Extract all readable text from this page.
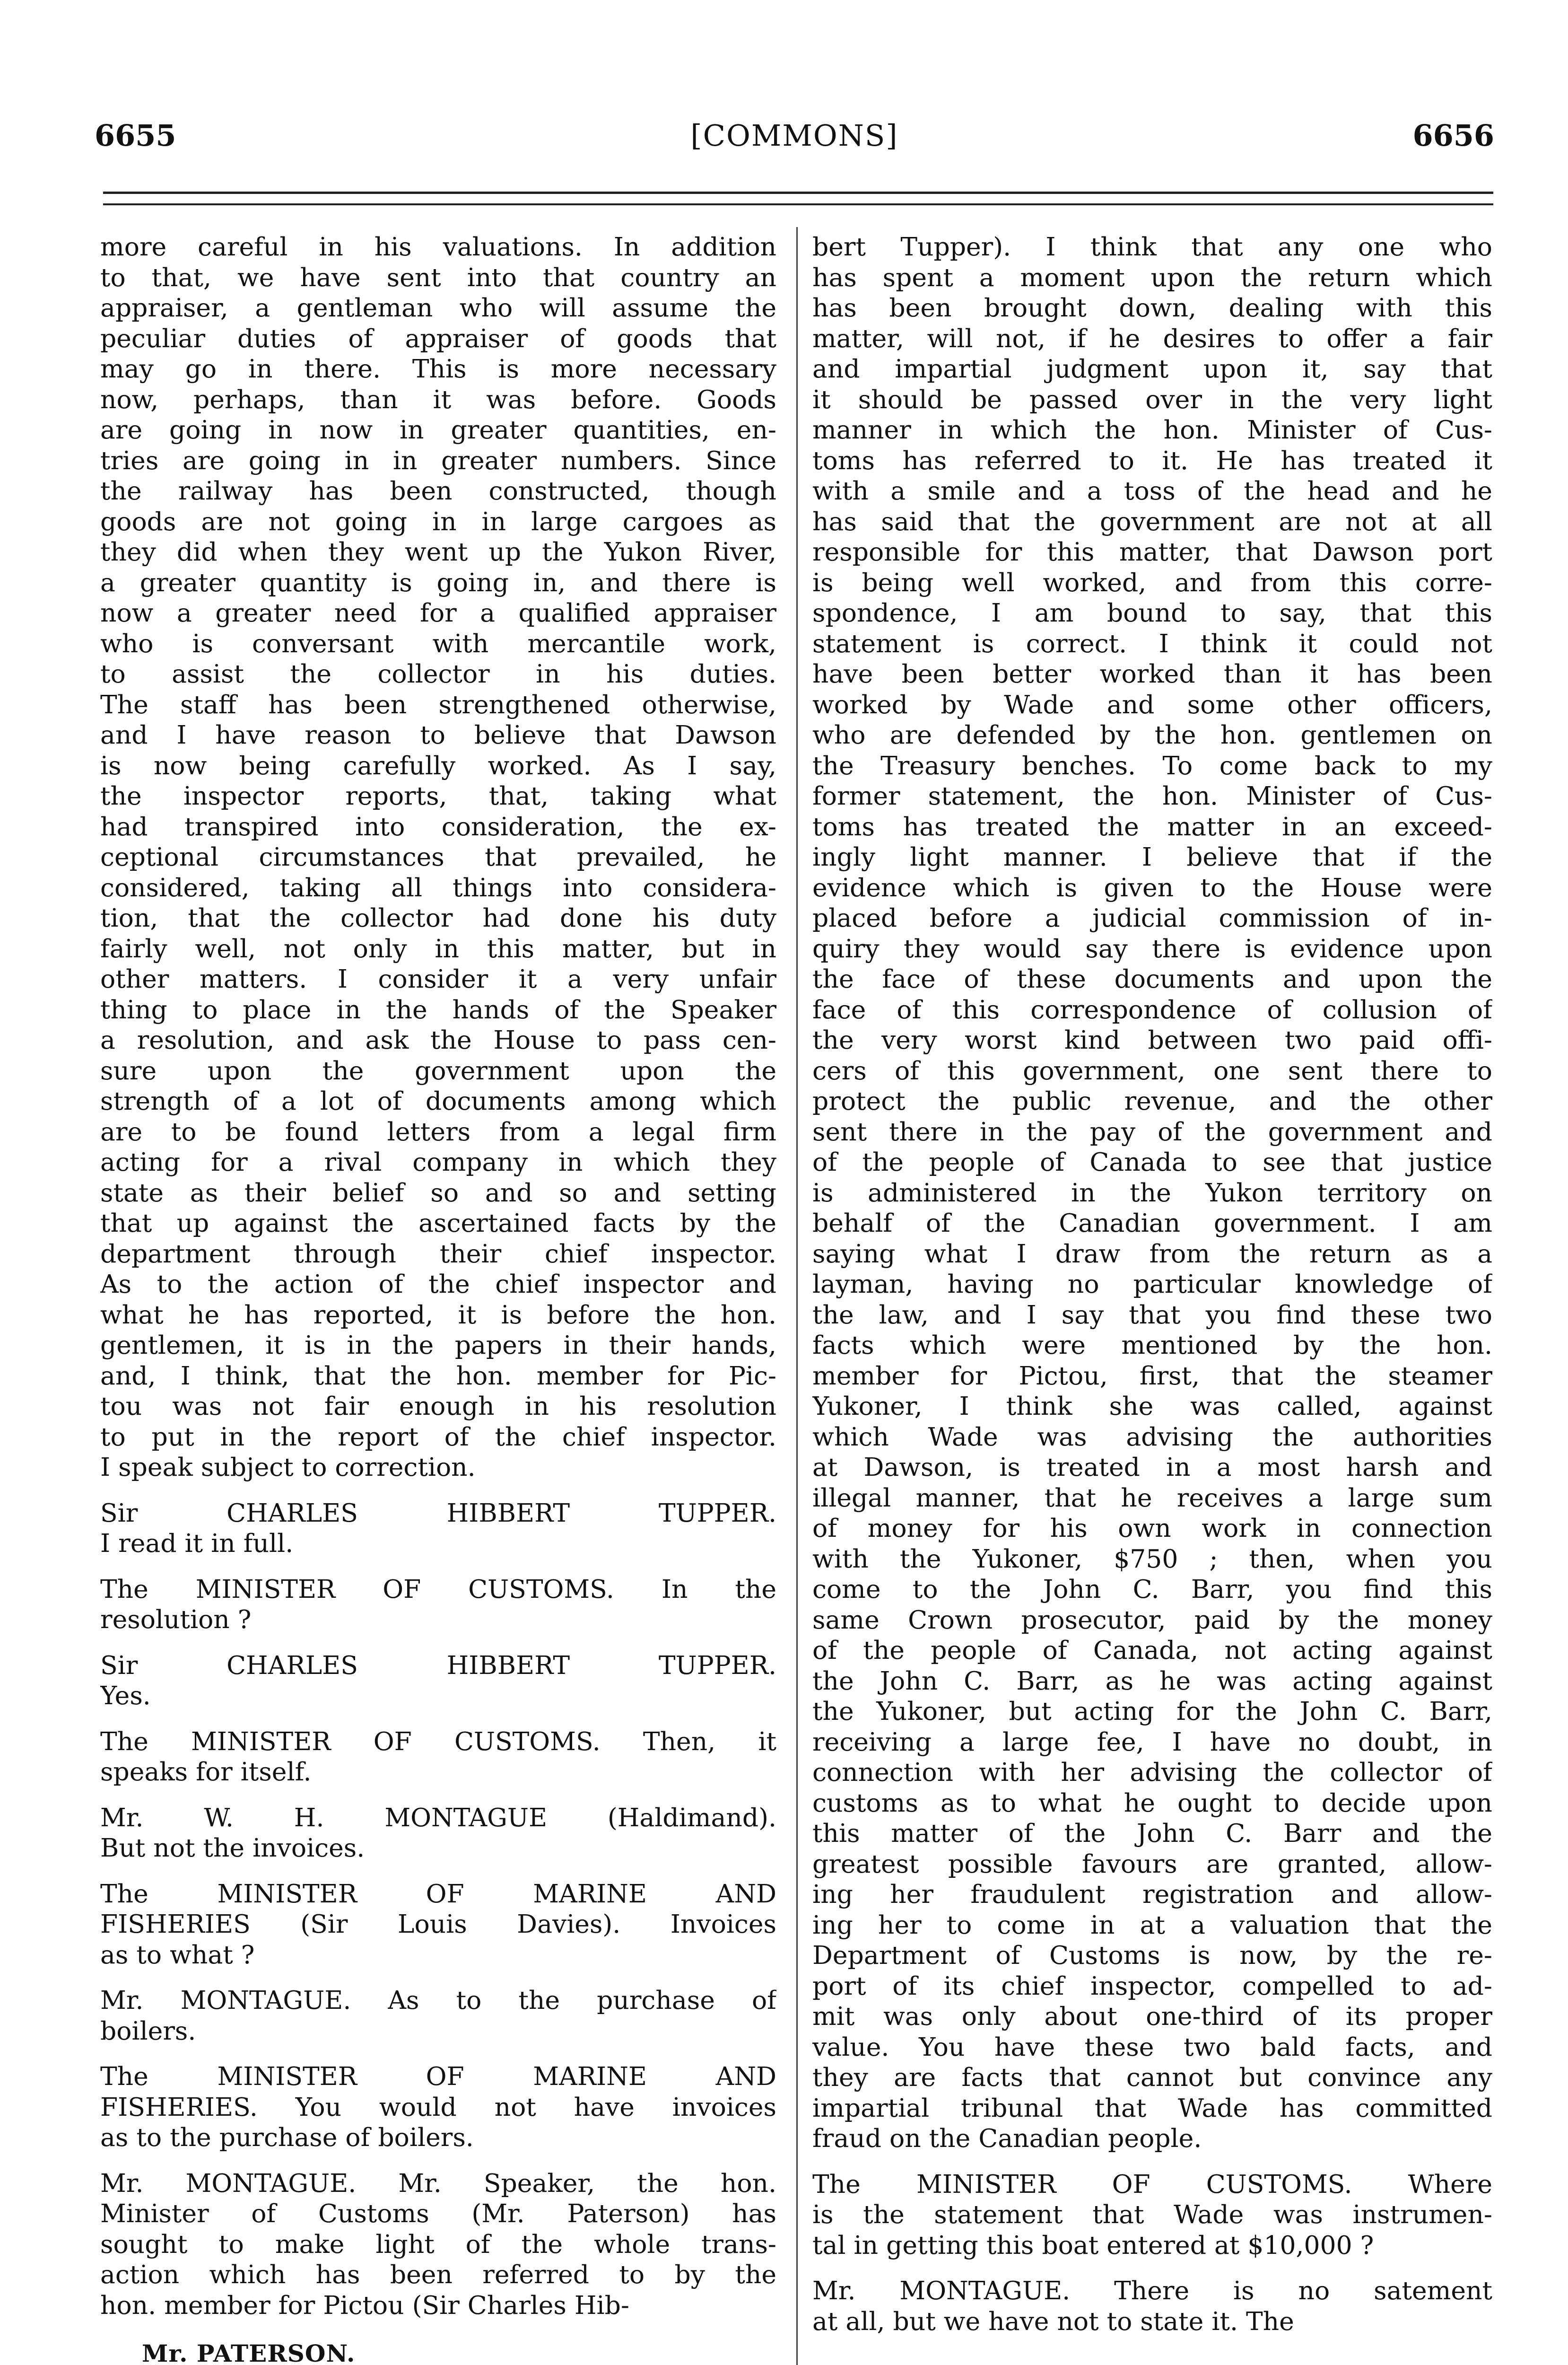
6655	[COMMONS]	6656
more careful in his valuations. In addition
to that, we have sent into that country an
appraiser, a gentleman who will assume the
peculiar duties of appraiser of goods that
may go in there. This is more necessary
now, perhaps, than it was before. Goods
are going in now in greater quantities, en-
tries are going in in greater numbers. Since
the railway has been constructed, though
goods are not going in in large cargoes as
they did when they went up the Yukon River,
a greater quantity is going in, and there is
now a greater need for a qualified appraiser
who is conversant with mercantile work,
to assist the collector in his duties.
The staff has been strengthened otherwise,
and I have reason to believe that Dawson
is now being carefully worked. As I say,
the inspector reports, that, taking what
had transpired into consideration, the ex-
ceptional circumstances that prevailed, he
considered, taking all things into considera-
tion, that the collector had done his duty
fairly well, not only in this matter, but in
other matters. I consider it a very unfair
thing to place in the hands of the Speaker
a resolution, and ask the House to pass cen-
sure upon the government upon the
strength of a lot of documents among which
are to be found letters from a legal firm
acting for a rival company in which they
state as their belief so and so and setting
that up against the ascertained facts by the
department through their chief inspector.
As to the action of the chief inspector and
what he has reported, it is before the hon.
gentlemen, it is in the papers in their hands,
and, I think, that the hon. member for Pic-
tou was not fair enough in his resolution
to put in the report of the chief inspector.
I speak subject to correction.
Sir CHARLES HIBBERT TUPPER.
I read it in full.
The MINISTER OF CUSTOMS. In the
resolution ?
Sir CHARLES HIBBERT TUPPER.
Yes.
The MINISTER OF CUSTOMS. Then, it
speaks for itself.
Mr. W. H. MONTAGUE (Haldimand).
But not the invoices.
The MINISTER OF MARINE AND
FISHERIES (Sir Louis Davies). Invoices
as to what ?
Mr. MONTAGUE. As to the purchase of
boilers.
The MINISTER OF MARINE AND
FISHERIES. You would not have invoices
as to the purchase of boilers.
Mr. MONTAGUE. Mr. Speaker, the hon.
Minister of Customs (Mr. Paterson) has
sought to make light of the whole trans-
action which has been referred to by the
hon. member for Pictou (Sir Charles Hib-
bert Tupper). I think that any one who
has spent a moment upon the return which
has been brought down, dealing with this
matter, will not, if he desires to offer a fair
and impartial judgment upon it, say that
it should be passed over in the very light
manner in which the hon. Minister of Cus-
toms has referred to it. He has treated it
with a smile and a toss of the head and he
has said that the government are not at all
responsible for this matter, that Dawson port
is being well worked, and from this corre-
spondence, I am bound to say, that this
statement is correct. I think it could not
have been better worked than it has been
worked by Wade and some other officers,
who are defended by the hon. gentlemen on
the Treasury benches. To come back to my
former statement, the hon. Minister of Cus-
toms has treated the matter in an exceed-
ingly light manner. I believe that if the
evidence which is given to the House were
placed before a judicial commission of in-
quiry they would say there is evidence upon
the face of these documents and upon the
face of this correspondence of collusion of
the very worst kind between two paid offi-
cers of this government, one sent there to
protect the public revenue, and the other
sent there in the pay of the government and
of the people of Canada to see that justice
is administered in the Yukon territory on
behalf of the Canadian government. I am
saying what I draw from the return as a
layman, having no particular knowledge of
the law, and I say that you find these two
facts which were mentioned by the hon.
member for Pictou, first, that the steamer
Yukoner, I think she was called, against
which Wade was advising the authorities
at Dawson, is treated in a most harsh and
illegal manner, that he receives a large sum
of money for his own work in connection
with the Yukoner, $750 ; then, when you
come to the John C. Barr, you find this
same Crown prosecutor, paid by the money
of the people of Canada, not acting against
the John C. Barr, as he was acting against
the Yukoner, but acting for the John C. Barr,
receiving a large fee, I have no doubt, in
connection with her advising the collector of
customs as to what he ought to decide upon
this matter of the John C. Barr and the
greatest possible favours are granted, allow-
ing her fraudulent registration and allow-
ing her to come in at a valuation that the
Department of Customs is now, by the re-
port of its chief inspector, compelled to ad-
mit was only about one-third of its proper
value. You have these two bald facts, and
they are facts that cannot but convince any
impartial tribunal that Wade has committed
fraud on the Canadian people.
The MINISTER OF CUSTOMS. Where
is the statement that Wade was instrumen-
tal in getting this boat entered at $10,000 ?
Mr. MONTAGUE. There is no satement
at all, but we have not to state it. The
Mr. PATERSON.
